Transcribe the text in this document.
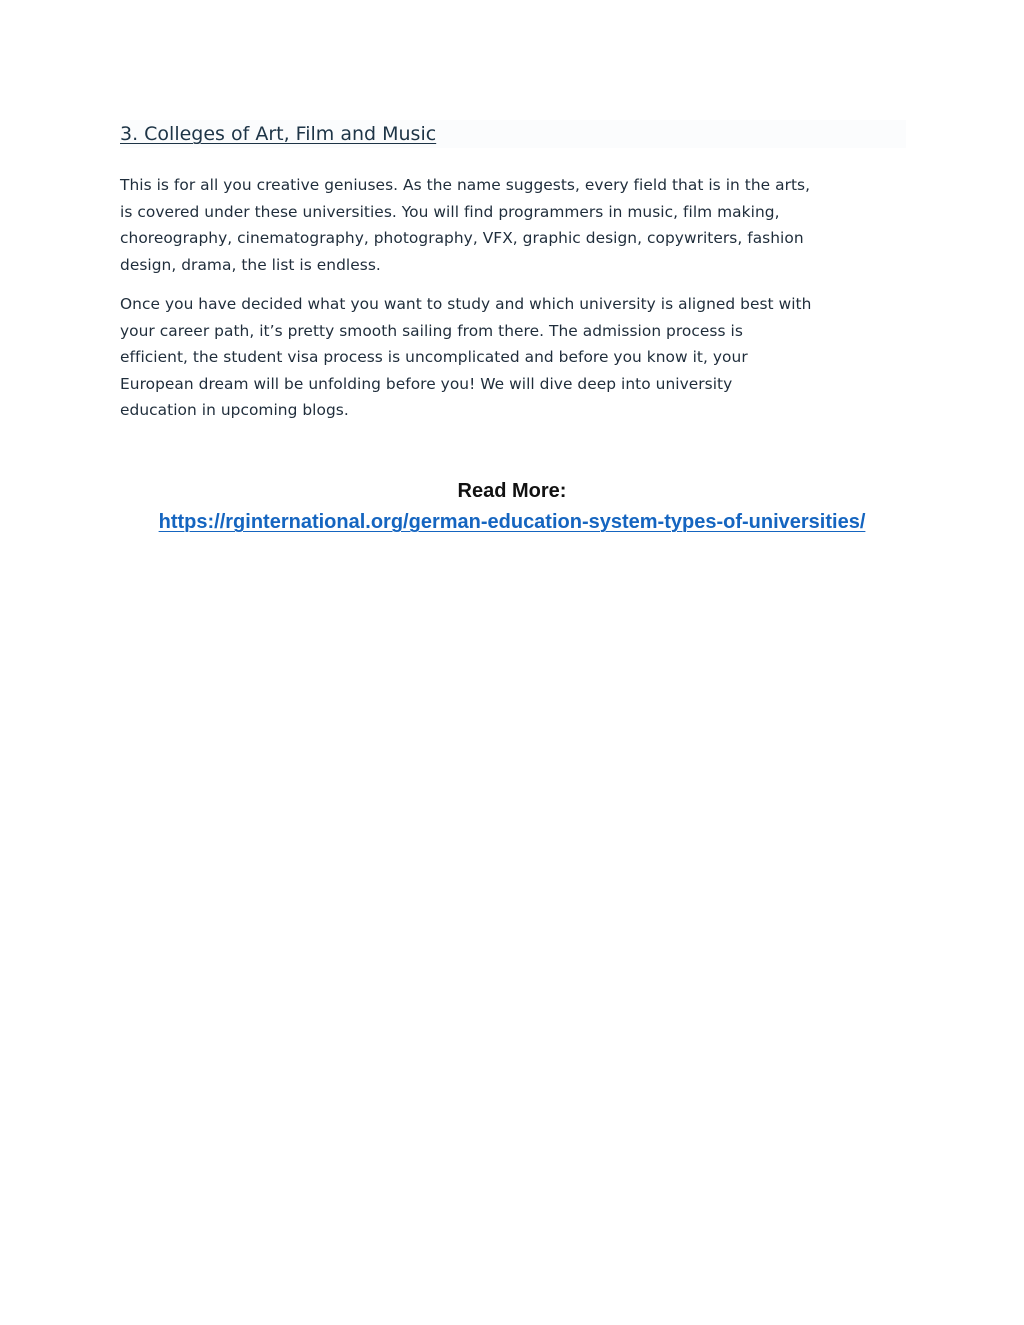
3. Colleges of Art, Film and Music

This is for all you creative geniuses. As the name suggests, every field that is in the arts,
is covered under these universities. You will find programmers in music, film making,
choreography, cinematography, photography, VFX, graphic design, copywriters, fashion
design, drama, the list is endless.

Once you have decided what you want to study and which university is aligned best with
your career path, it’s pretty smooth sailing from there. The admission process is
efficient, the student visa process is uncomplicated and before you know it, your
European dream will be unfolding before you! We will dive deep into university
education in upcoming blogs.

Read More:

https://rginternational.org/german-education-system-types-of-universities/
